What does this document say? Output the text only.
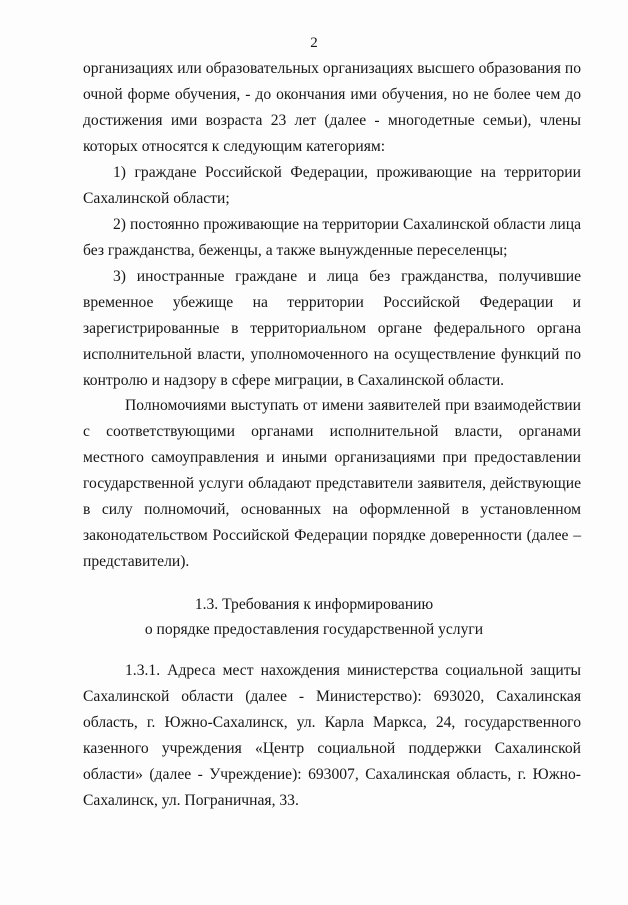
2

организациях или образовательных организациях высшего образования по очной форме обучения, - до окончания ими обучения, но не более чем до достижения ими возраста 23 лет (далее - многодетные семьи), члены которых относятся к следующим категориям:

1) граждане Российской Федерации, проживающие на территории Сахалинской области;

2) постоянно проживающие на территории Сахалинской области лица без гражданства, беженцы, а также вынужденные переселенцы;

3) иностранные граждане и лица без гражданства, получившие временное убежище на территории Российской Федерации и зарегистрированные в территориальном органе федерального органа исполнительной власти, уполномоченного на осуществление функций по контролю и надзору в сфере миграции, в Сахалинской области.

Полномочиями выступать от имени заявителей при взаимодействии с соответствующими органами исполнительной власти, органами местного самоуправления и иными организациями при предоставлении государственной услуги обладают представители заявителя, действующие в силу полномочий, основанных на оформленной в установленном законодательством Российской Федерации порядке доверенности (далее – представители).

1.3. Требования к информированию
о порядке предоставления государственной услуги

1.3.1. Адреса мест нахождения министерства социальной защиты Сахалинской области (далее - Министерство): 693020, Сахалинская область, г. Южно-Сахалинск, ул. Карла Маркса, 24, государственного казенного учреждения «Центр социальной поддержки Сахалинской области» (далее - Учреждение): 693007, Сахалинская область, г. Южно-Сахалинск, ул. Пограничная, 33.
